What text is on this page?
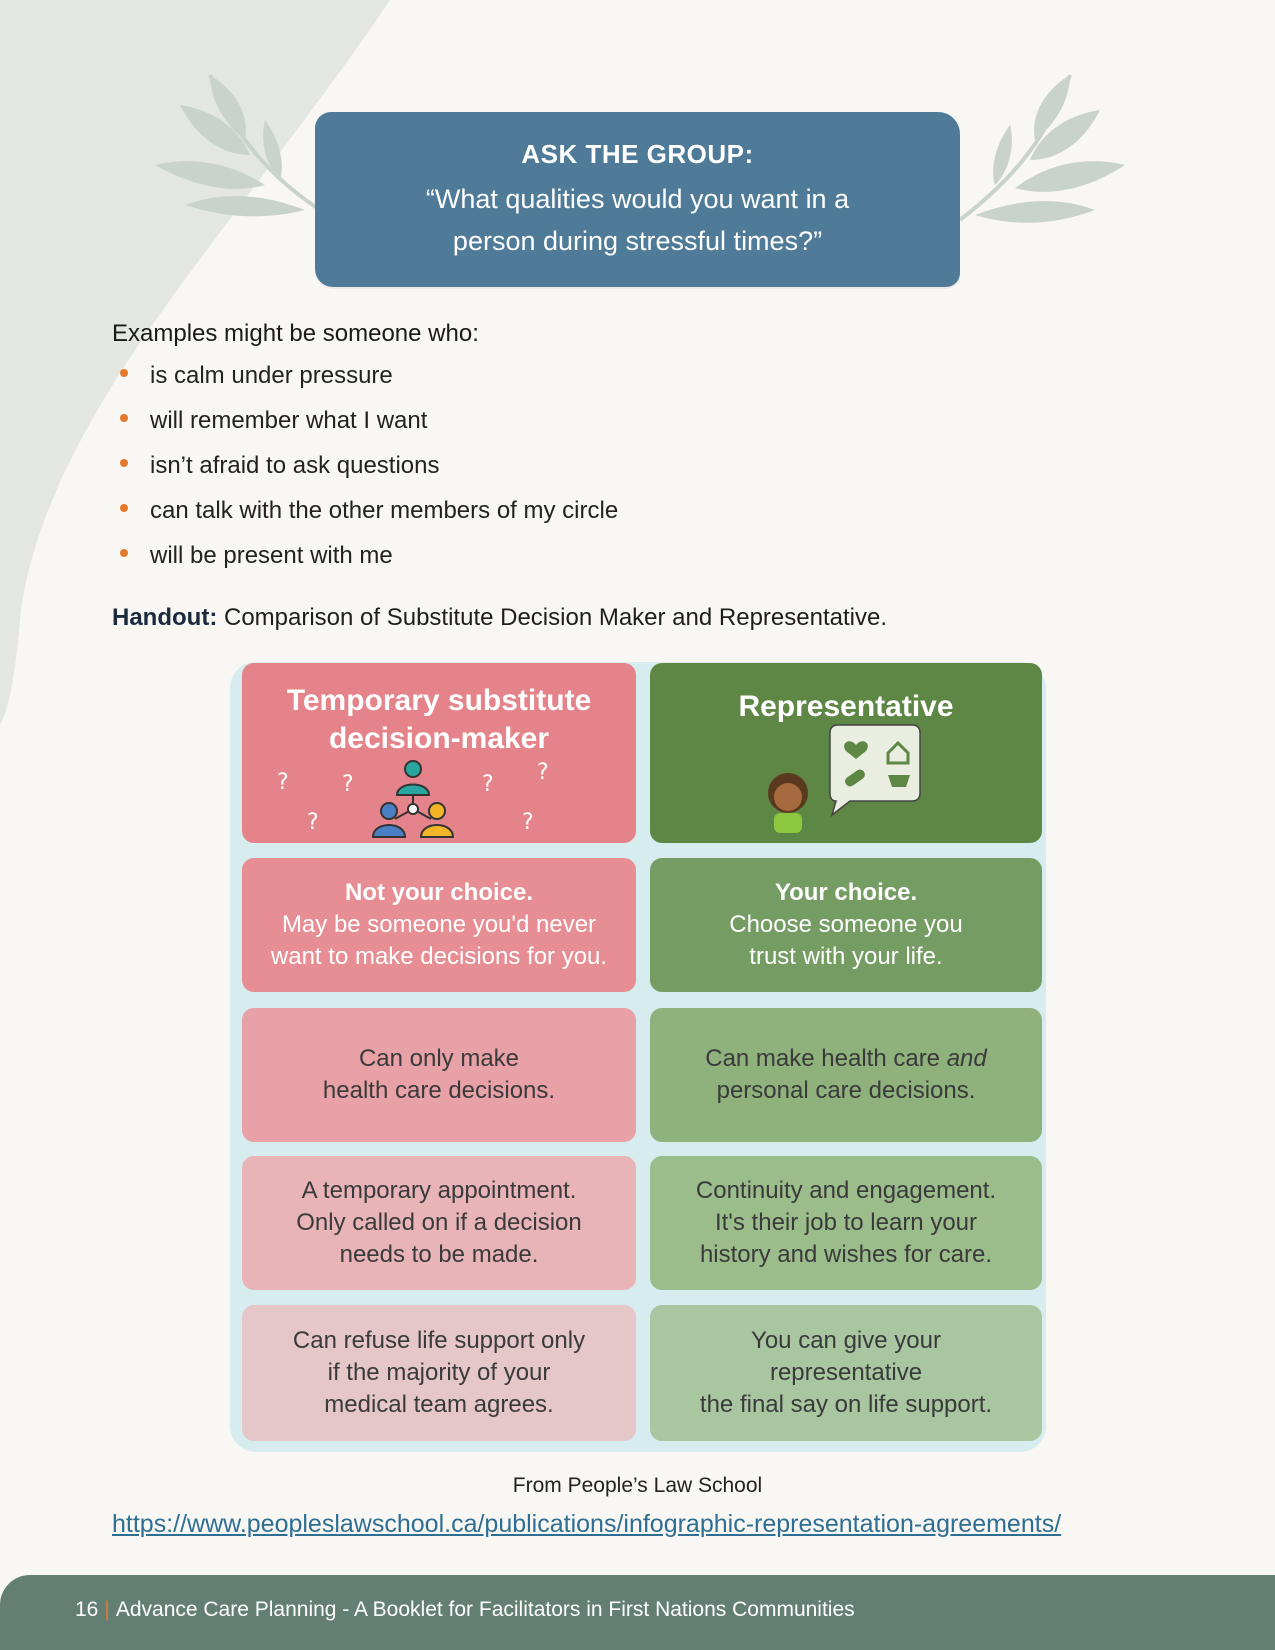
ASK THE GROUP:
“What qualities would you want in a
person during stressful times?”
Examples might be someone who:
is calm under pressure
will remember what I want
isn’t afraid to ask questions
can talk with the other members of my circle
will be present with me
Handout: Comparison of Substitute Decision Maker and Representative.
Temporary substitute
decision-maker
? ?
?
? ?
?
Representative
Not your choice.
May be someone you'd never
want to make decisions for you.
Your choice.
Choose someone you
trust with your life.
Can only make
health care decisions.
Can make health care and
personal care decisions.
A temporary appointment.
Only called on if a decision
needs to be made.
Continuity and engagement.
It's their job to learn your
history and wishes for care.
Can refuse life support only
if the majority of your
medical team agrees.
You can give your
representative
the final say on life support.
From People’s Law School
https://www.peopleslawschool.ca/publications/infographic-representation-agreements/
16 | Advance Care Planning - A Booklet for Facilitators in First Nations Communities
